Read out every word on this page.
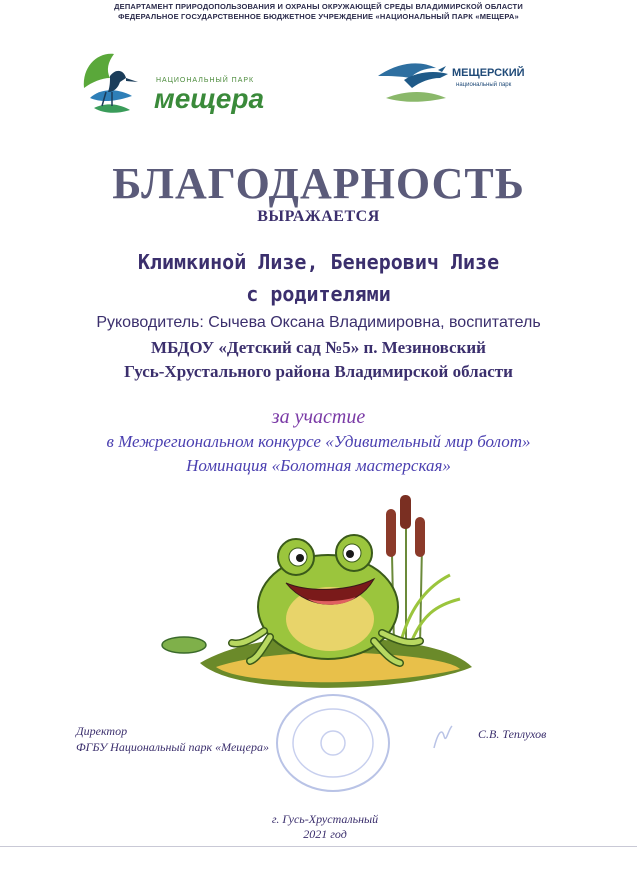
ДЕПАРТАМЕНТ ПРИРОДОПОЛЬЗОВАНИЯ И ОХРАНЫ ОКРУЖАЮЩЕЙ СРЕДЫ ВЛАДИМИРСКОЙ ОБЛАСТИ
ФЕДЕРАЛЬНОЕ ГОСУДАРСТВЕННОЕ БЮДЖЕТНОЕ УЧРЕЖДЕНИЕ «НАЦИОНАЛЬНЫЙ ПАРК «МЕЩЕРА»
НАЦИОНАЛЬНЫЙ ПАРК
мещера
МЕЩЕРСКИЙ
национальный парк
БЛАГОДАРНОСТЬ
ВЫРАЖАЕТСЯ
Климкиной Лизе, Бенерович Лизе
с родителями
Руководитель: Сычева Оксана Владимировна, воспитатель
МБДОУ «Детский сад №5» п. Мезиновский
Гусь-Хрустального района Владимирской области
за участие
в Межрегиональном конкурсе «Удивительный мир болот»
Номинация «Болотная мастерская»
Директор
ФГБУ Национальный парк «Мещера»
С.В. Теплухов
г. Гусь-Хрустальный
2021 год
